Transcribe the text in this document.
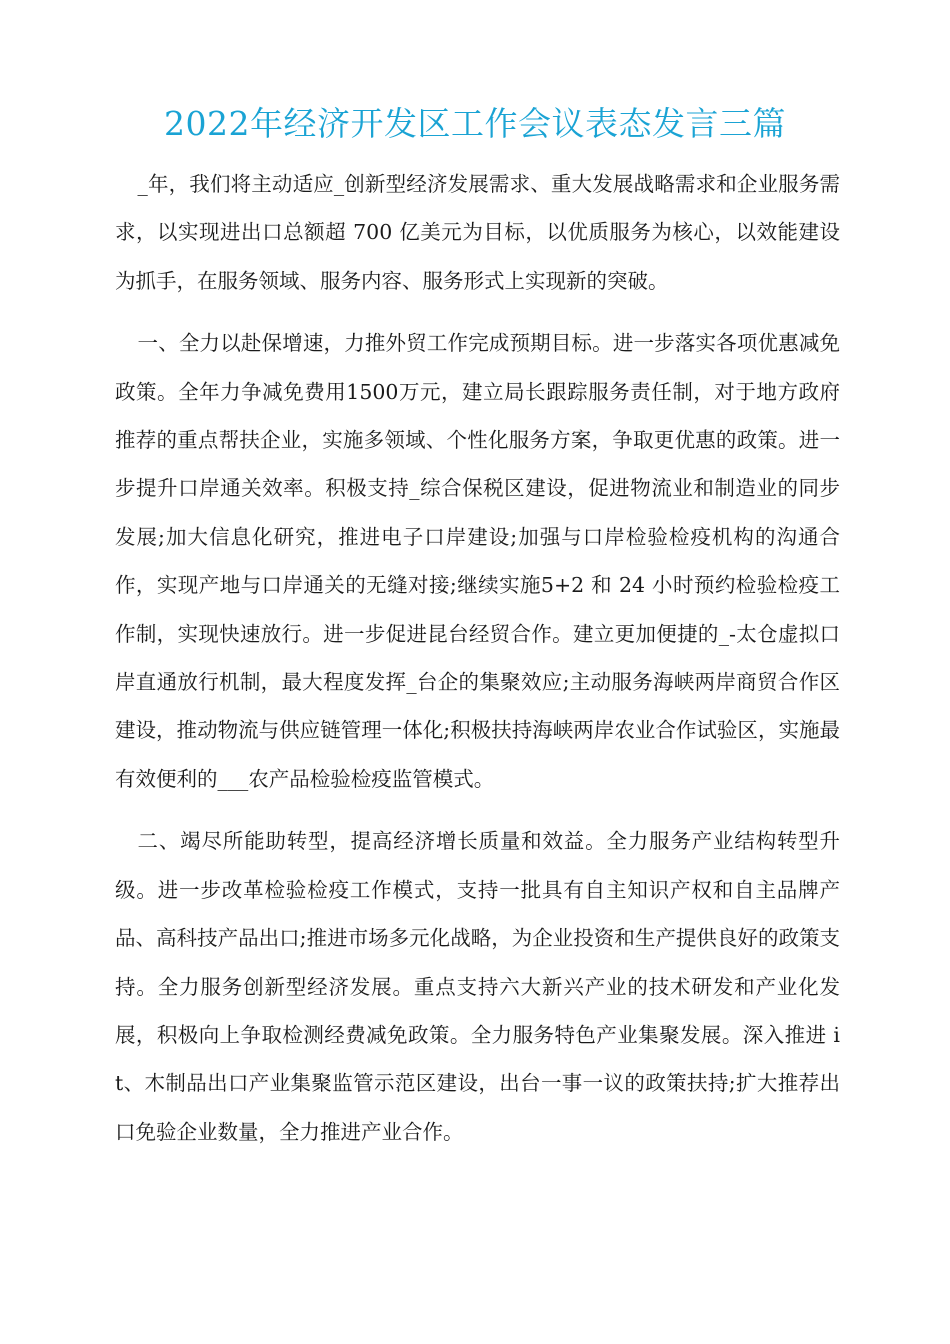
2022年经济开发区工作会议表态发言三篇

_年，我们将主动适应_创新型经济发展需求、重大发展战略需求和企业服务需求，以实现进出口总额超 700 亿美元为目标，以优质服务为核心，以效能建设为抓手，在服务领域、服务内容、服务形式上实现新的突破。

一、全力以赴保增速，力推外贸工作完成预期目标。进一步落实各项优惠减免政策。全年力争减免费用1500万元，建立局长跟踪服务责任制，对于地方政府推荐的重点帮扶企业，实施多领域、个性化服务方案，争取更优惠的政策。进一步提升口岸通关效率。积极支持_综合保税区建设，促进物流业和制造业的同步发展;加大信息化研究，推进电子口岸建设;加强与口岸检验检疫机构的沟通合作，实现产地与口岸通关的无缝对接;继续实施5+2 和 24 小时预约检验检疫工作制，实现快速放行。进一步促进昆台经贸合作。建立更加便捷的_-太仓虚拟口岸直通放行机制，最大程度发挥_台企的集聚效应;主动服务海峡两岸商贸合作区建设，推动物流与供应链管理一体化;积极扶持海峡两岸农业合作试验区，实施最有效便利的___农产品检验检疫监管模式。

二、竭尽所能助转型，提高经济增长质量和效益。全力服务产业结构转型升级。进一步改革检验检疫工作模式，支持一批具有自主知识产权和自主品牌产品、高科技产品出口;推进市场多元化战略，为企业投资和生产提供良好的政策支持。全力服务创新型经济发展。重点支持六大新兴产业的技术研发和产业化发展，积极向上争取检测经费减免政策。全力服务特色产业集聚发展。深入推进 it、木制品出口产业集聚监管示范区建设，出台一事一议的政策扶持;扩大推荐出口免验企业数量，全力推进产业合作。
